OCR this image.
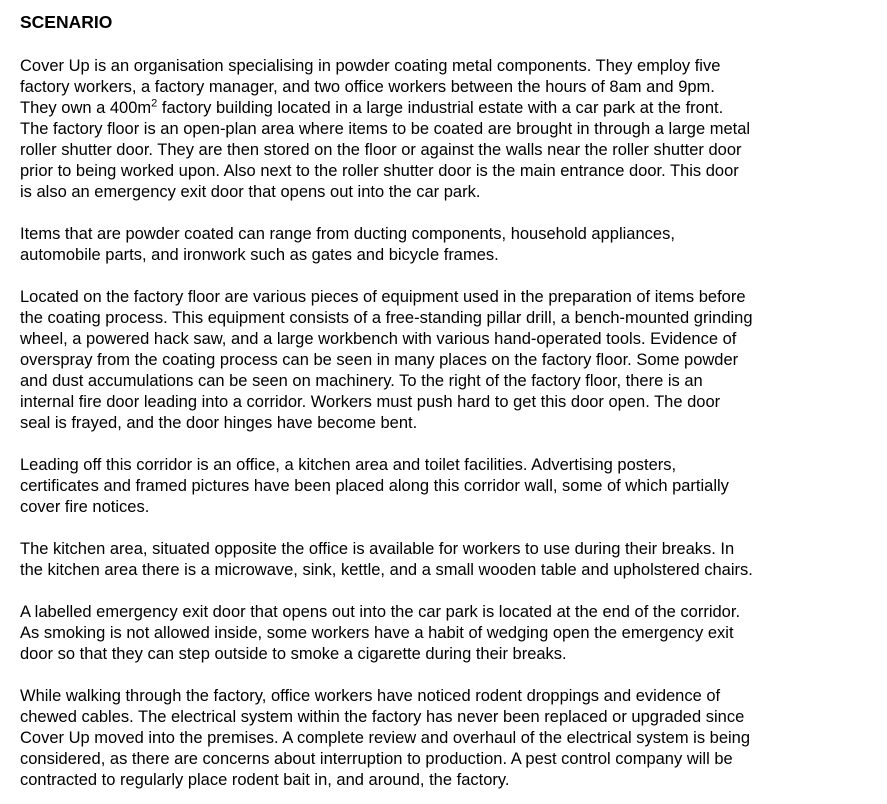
SCENARIO
Cover Up is an organisation specialising in powder coating metal components. They employ five
factory workers, a factory manager, and two office workers between the hours of 8am and 9pm.
They own a $400m^2$ factory building located in a large industrial estate with a car park at the front.
The factory floor is an open-plan area where items to be coated are brought in through a large metal
roller shutter door. They are then stored on the floor or against the walls near the roller shutter door
prior to being worked upon. Also next to the roller shutter door is the main entrance door. This door
is also an emergency exit door that opens out into the car park.
Items that are powder coated can range from ducting components, household appliances,
automobile parts, and ironwork such as gates and bicycle frames.
Located on the factory floor are various pieces of equipment used in the preparation of items before
the coating process. This equipment consists of a free-standing pillar drill, a bench-mounted grinding
wheel, a powered hack saw, and a large workbench with various hand-operated tools. Evidence of
overspray from the coating process can be seen in many places on the factory floor. Some powder
and dust accumulations can be seen on machinery. To the right of the factory floor, there is an
internal fire door leading into a corridor. Workers must push hard to get this door open. The door
seal is frayed, and the door hinges have become bent.
Leading off this corridor is an office, a kitchen area and toilet facilities. Advertising posters,
certificates and framed pictures have been placed along this corridor wall, some of which partially
cover fire notices.
The kitchen area, situated opposite the office is available for workers to use during their breaks. In
the kitchen area there is a microwave, sink, kettle, and a small wooden table and upholstered chairs.
A labelled emergency exit door that opens out into the car park is located at the end of the corridor.
As smoking is not allowed inside, some workers have a habit of wedging open the emergency exit
door so that they can step outside to smoke a cigarette during their breaks.
While walking through the factory, office workers have noticed rodent droppings and evidence of
chewed cables. The electrical system within the factory has never been replaced or upgraded since
Cover Up moved into the premises. A complete review and overhaul of the electrical system is being
considered, as there are concerns about interruption to production. A pest control company will be
contracted to regularly place rodent bait in, and around, the factory.
